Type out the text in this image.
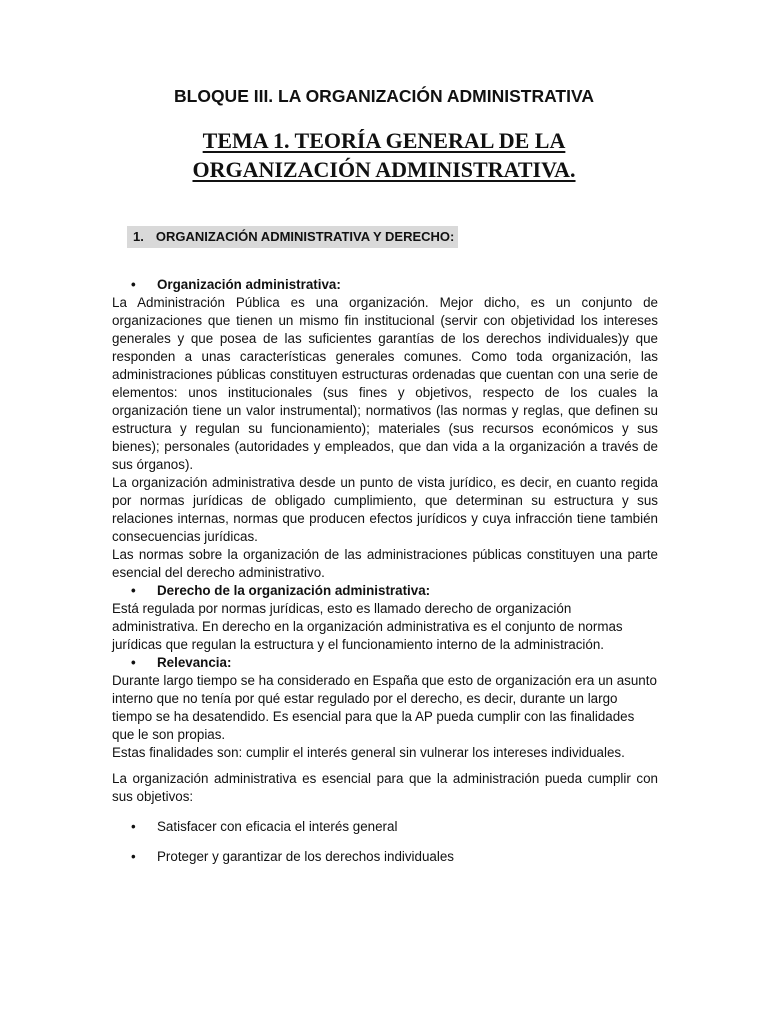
BLOQUE III. LA ORGANIZACIÓN ADMINISTRATIVA
TEMA 1. TEORÍA GENERAL DE LA
ORGANIZACIÓN ADMINISTRATIVA.
1. ORGANIZACIÓN ADMINISTRATIVA Y DERECHO:
• Organización administrativa:
La Administración Pública es una organización. Mejor dicho, es un conjunto de organizaciones que tienen un mismo fin institucional (servir con objetividad los intereses generales y que posea de las suficientes garantías de los derechos individuales)y que responden a unas características generales comunes. Como toda organización, las administraciones públicas constituyen estructuras ordenadas que cuentan con una serie de elementos: unos institucionales (sus fines y objetivos, respecto de los cuales la organización tiene un valor instrumental); normativos (las normas y reglas, que definen su estructura y regulan su funcionamiento); materiales (sus recursos económicos y sus bienes); personales (autoridades y empleados, que dan vida a la organización a través de sus órganos).
La organización administrativa desde un punto de vista jurídico, es decir, en cuanto regida por normas jurídicas de obligado cumplimiento, que determinan su estructura y sus relaciones internas, normas que producen efectos jurídicos y cuya infracción tiene también consecuencias jurídicas.
Las normas sobre la organización de las administraciones públicas constituyen una parte esencial del derecho administrativo.
• Derecho de la organización administrativa:
Está regulada por normas jurídicas, esto es llamado derecho de organización administrativa. En derecho en la organización administrativa es el conjunto de normas jurídicas que regulan la estructura y el funcionamiento interno de la administración.
• Relevancia:
Durante largo tiempo se ha considerado en España que esto de organización era un asunto interno que no tenía por qué estar regulado por el derecho, es decir, durante un largo tiempo se ha desatendido. Es esencial para que la AP pueda cumplir con las finalidades que le son propias.
Estas finalidades son: cumplir el interés general sin vulnerar los intereses individuales.
La organización administrativa es esencial para que la administración pueda cumplir con sus objetivos:
• Satisfacer con eficacia el interés general
• Proteger y garantizar de los derechos individuales
